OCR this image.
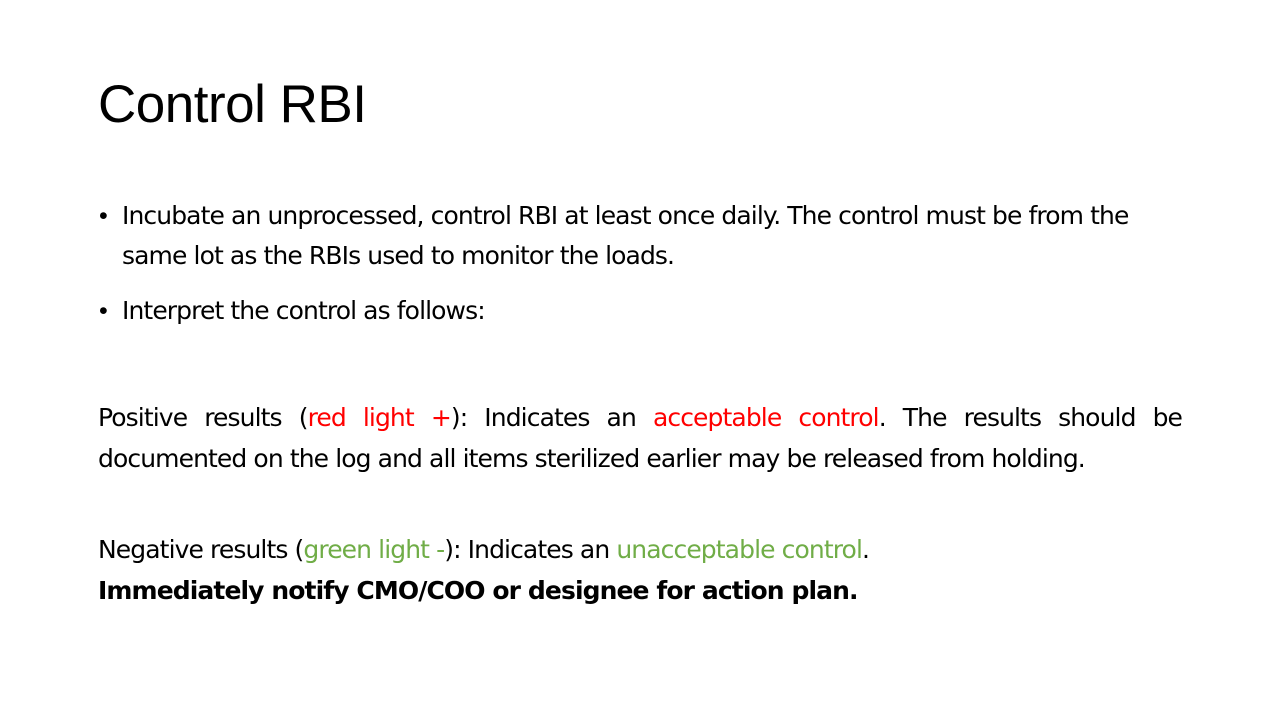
Control RBI
• Incubate an unprocessed, control RBI at least once daily. The control must be from the same lot as the RBIs used to monitor the loads.
• Interpret the control as follows:

Positive results (red light +): Indicates an acceptable control. The results should be documented on the log and all items sterilized earlier may be released from holding.

Negative results (green light -): Indicates an unacceptable control.
Immediately notify CMO/COO or designee for action plan.
